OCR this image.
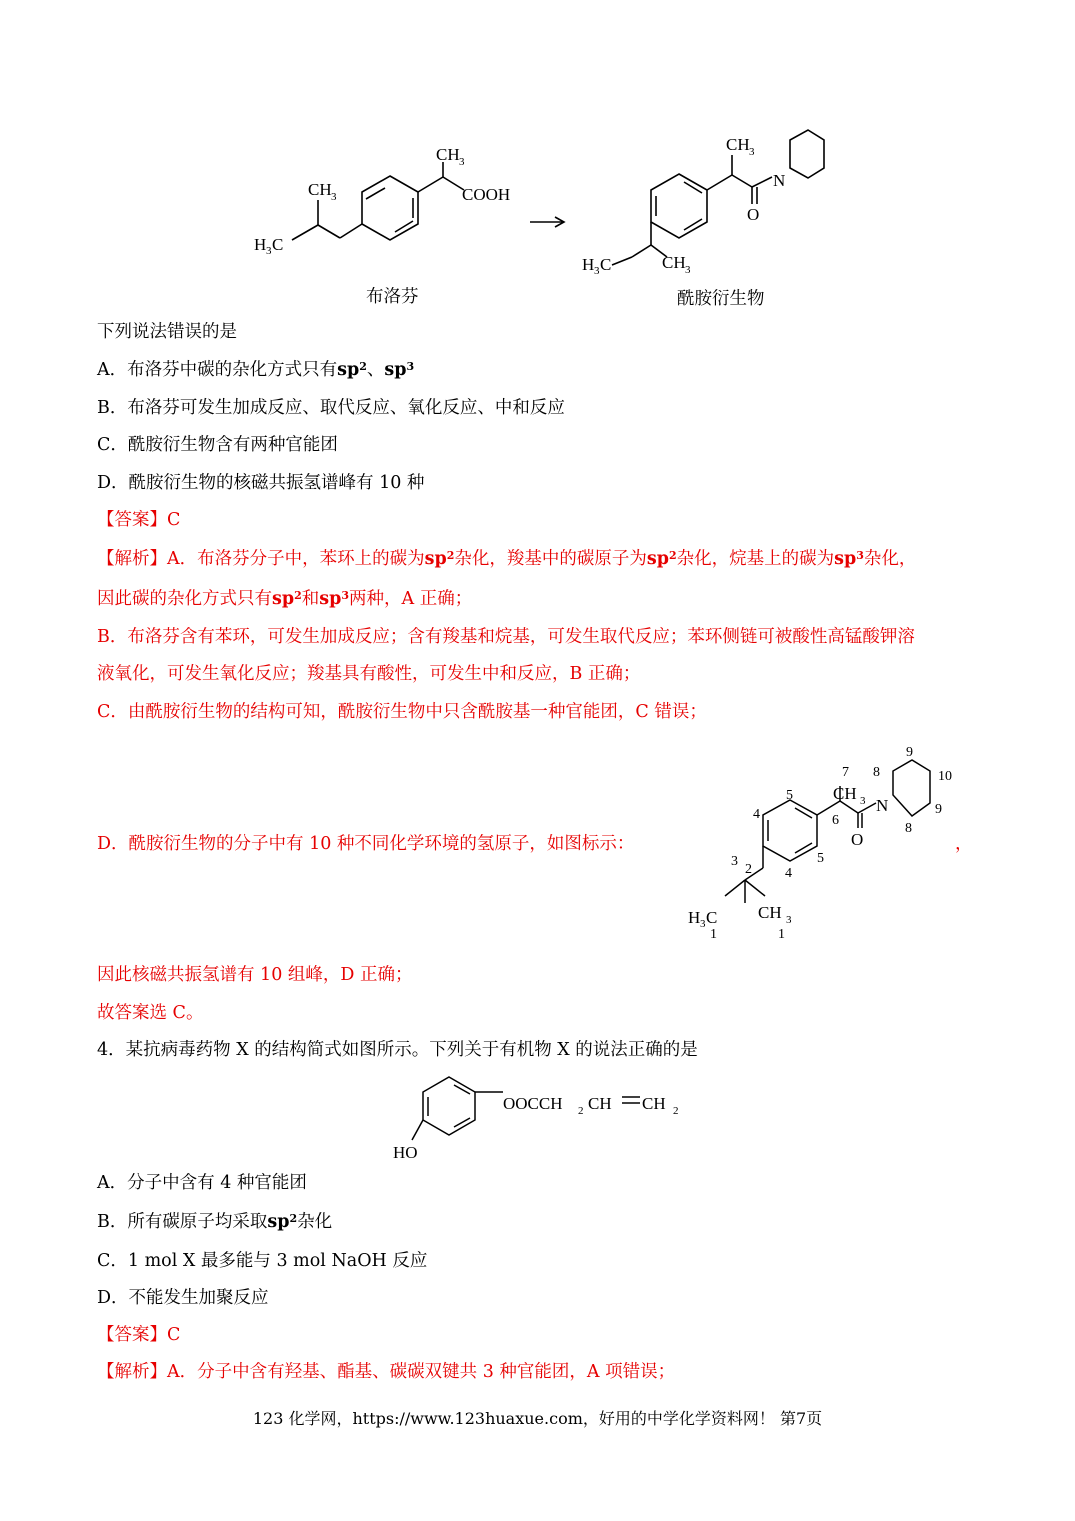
CH 3
COOH
CH 3
H 3 C
CH 3
N
O
H 3 C	CH 3
布洛芬	酰胺衍生物
下列说法错误的是
A．布洛芬中碳的杂化方式只有$sp^2$、$sp^3$
B．布洛芬可发生加成反应、取代反应、氧化反应、中和反应
C．酰胺衍生物含有两种官能团
D．酰胺衍生物的核磁共振氢谱峰有 10 种
【答案】C
【解析】A．布洛芬分子中，苯环上的碳为$sp^2$杂化，羧基中的碳原子为$sp^2$杂化，烷基上的碳为$sp^3$杂化，
因此碳的杂化方式只有$sp^2$和$sp^3$两种，A 正确；
B．布洛芬含有苯环，可发生加成反应；含有羧基和烷基，可发生取代反应；苯环侧链可被酸性高锰酸钾溶
液氧化，可发生氧化反应；羧基具有酸性，可发生中和反应，B 正确；
C．由酰胺衍生物的结构可知，酰胺衍生物中只含酰胺基一种官能团，C 错误；
D．酰胺衍生物的分子中有 10 种不同化学环境的氢原子，如图标示：	，
CH 3 N
O
H 3 C CH 3
1	1
2
3
4
4
5
5
6
7 8
8
9
9
10
因此核磁共振氢谱有 10 组峰，D 正确；
故答案选 C。
4．某抗病毒药物 X 的结构简式如图所示。下列关于有机物 X 的说法正确的是
OOCCH 2 CH CH 2
HO
A．分子中含有 4 种官能团
B．所有碳原子均采取$sp^2$杂化
C．1 mol X 最多能与 3 mol NaOH 反应
D．不能发生加聚反应
【答案】C
【解析】A．分子中含有羟基、酯基、碳碳双键共 3 种官能团，A 项错误；
123 化学网，https://www.123huaxue.com，好用的中学化学资料网！ 第7页
